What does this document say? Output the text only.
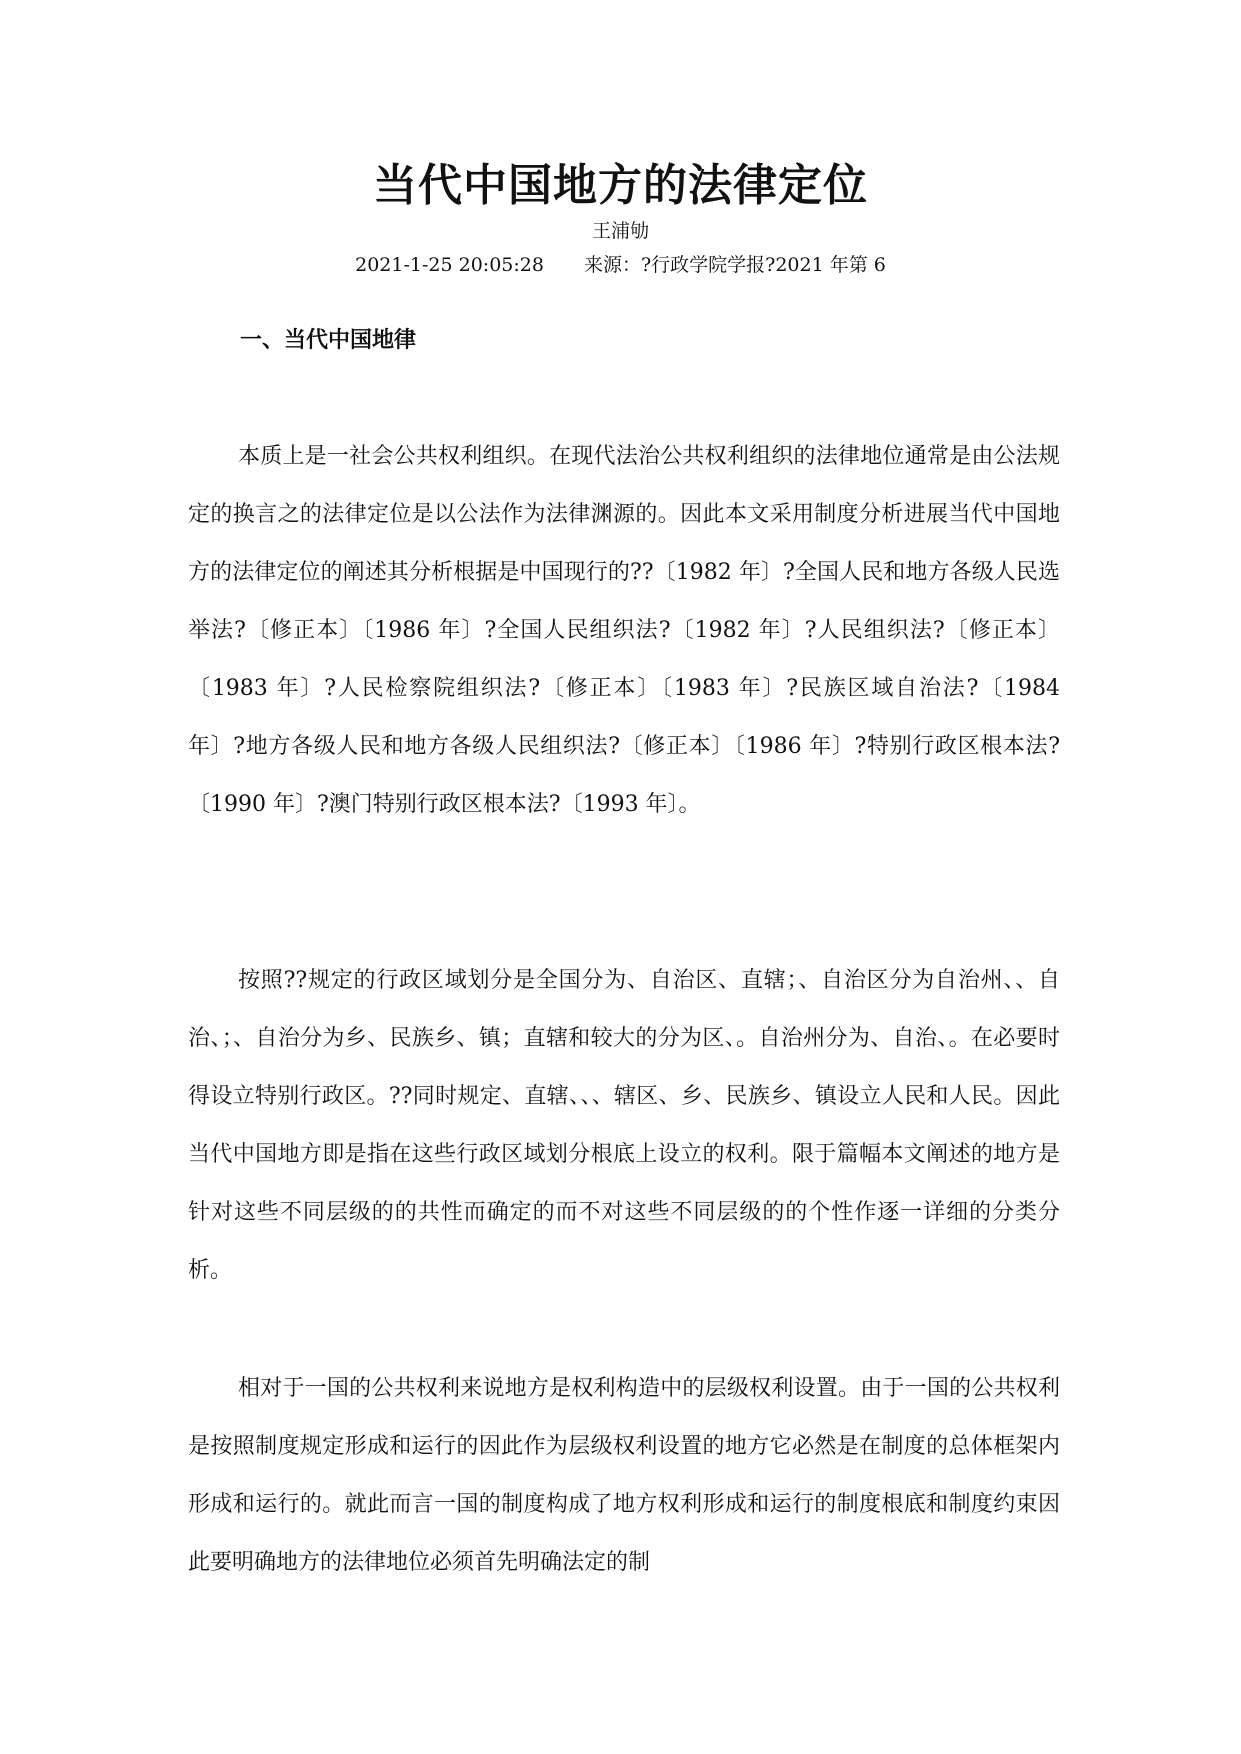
当代中国地方的法律定位
王浦劬
2021-1-25 20:05:28 来源：?行政学院学报?2021 年第 6
一、当代中国地律

本质上是一社会公共权利组织。在现代法治公共权利组织的法律地位通常是由公法规定的换言之的法律定位是以公法作为法律渊源的。因此本文采用制度分析进展当代中国地方的法律定位的阐述其分析根据是中国现行的??〔1982 年〕?全国人民和地方各级人民选举法?〔修正本〕〔1986 年〕?全国人民组织法?〔1982 年〕?人民组织法?〔修正本〕〔1983 年〕?人民检察院组织法?〔修正本〕〔1983 年〕?民族区域自治法?〔1984 年〕?地方各级人民和地方各级人民组织法?〔修正本〕〔1986 年〕?特别行政区根本法?〔1990 年〕?澳门特别行政区根本法?〔1993 年〕。

按照??规定的行政区域划分是全国分为、自治区、直辖；、自治区分为自治州、、自治、；、自治分为乡、民族乡、镇；直辖和较大的分为区、。自治州分为、自治、。在必要时得设立特别行政区。??同时规定、直辖、、、辖区、乡、民族乡、镇设立人民和人民。因此当代中国地方即是指在这些行政区域划分根底上设立的权利。限于篇幅本文阐述的地方是针对这些不同层级的的共性而确定的而不对这些不同层级的的个性作逐一详细的分类分析。

相对于一国的公共权利来说地方是权利构造中的层级权利设置。由于一国的公共权利是按照制度规定形成和运行的因此作为层级权利设置的地方它必然是在制度的总体框架内形成和运行的。就此而言一国的制度构成了地方权利形成和运行的制度根底和制度约束因此要明确地方的法律地位必须首先明确法定的制
